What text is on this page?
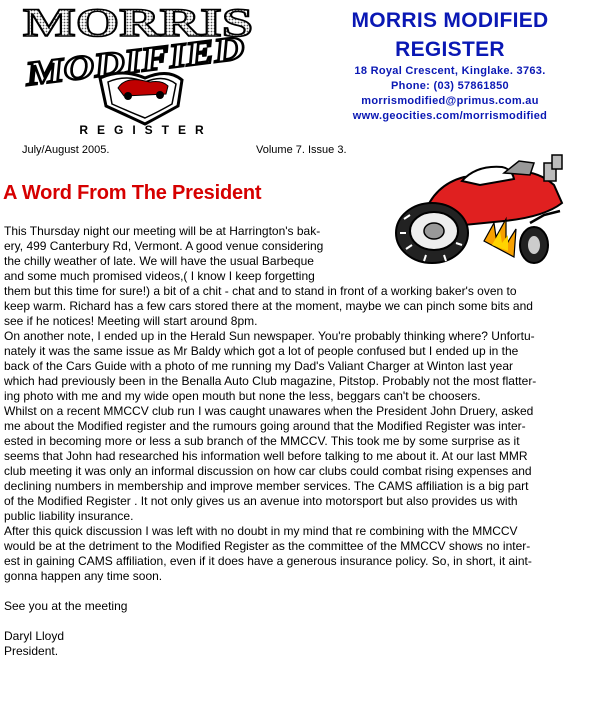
MORRIS
MODIFIED
REGISTER
MORRIS MODIFIED
REGISTER
18 Royal Crescent, Kinglake. 3763.
Phone: (03) 57861850
morrismodified@primus.com.au
www.geocities.com/morrismodified
July/August 2005.	Volume 7. Issue 3.
A Word From The President

This Thursday night our meeting will be at Harrington's bak-

ery, 499 Canterbury Rd, Vermont. A good venue considering

the chilly weather of late. We will have the usual Barbeque

and some much promised videos,( I know I keep forgetting

them but this time for sure!) a bit of a chit - chat and to stand in front of a working baker's oven to

keep warm. Richard has a few cars stored there at the moment, maybe we can pinch some bits and

see if he notices! Meeting will start around 8pm.

On another note, I ended up in the Herald Sun newspaper. You're probably thinking where? Unfortu-

nately it was the same issue as Mr Baldy which got a lot of people confused but I ended up in the

back of the Cars Guide with a photo of me running my Dad's Valiant Charger at Winton last year

which had previously been in the Benalla Auto Club magazine, Pitstop. Probably not the most flatter-

ing photo with me and my wide open mouth but none the less, beggars can't be choosers.

Whilst on a recent MMCCV club run I was caught unawares when the President John Druery, asked

me about the Modified register and the rumours going around that the Modified Register was inter-

ested in becoming more or less a sub branch of the MMCCV. This took me by some surprise as it

seems that John had researched his information well before talking to me about it. At our last MMR

club meeting it was only an informal discussion on how car clubs could combat rising expenses and

declining numbers in membership and improve member services. The CAMS affiliation is a big part

of the Modified Register . It not only gives us an avenue into motorsport but also provides us with

public liability insurance.

After this quick discussion I was left with no doubt in my mind that re combining with the MMCCV

would be at the detriment to the Modified Register as the committee of the MMCCV shows no inter-

est in gaining CAMS affiliation, even if it does have a generous insurance policy. So, in short, it aint-

gonna happen any time soon.

See you at the meeting

Daryl Lloyd

President.
